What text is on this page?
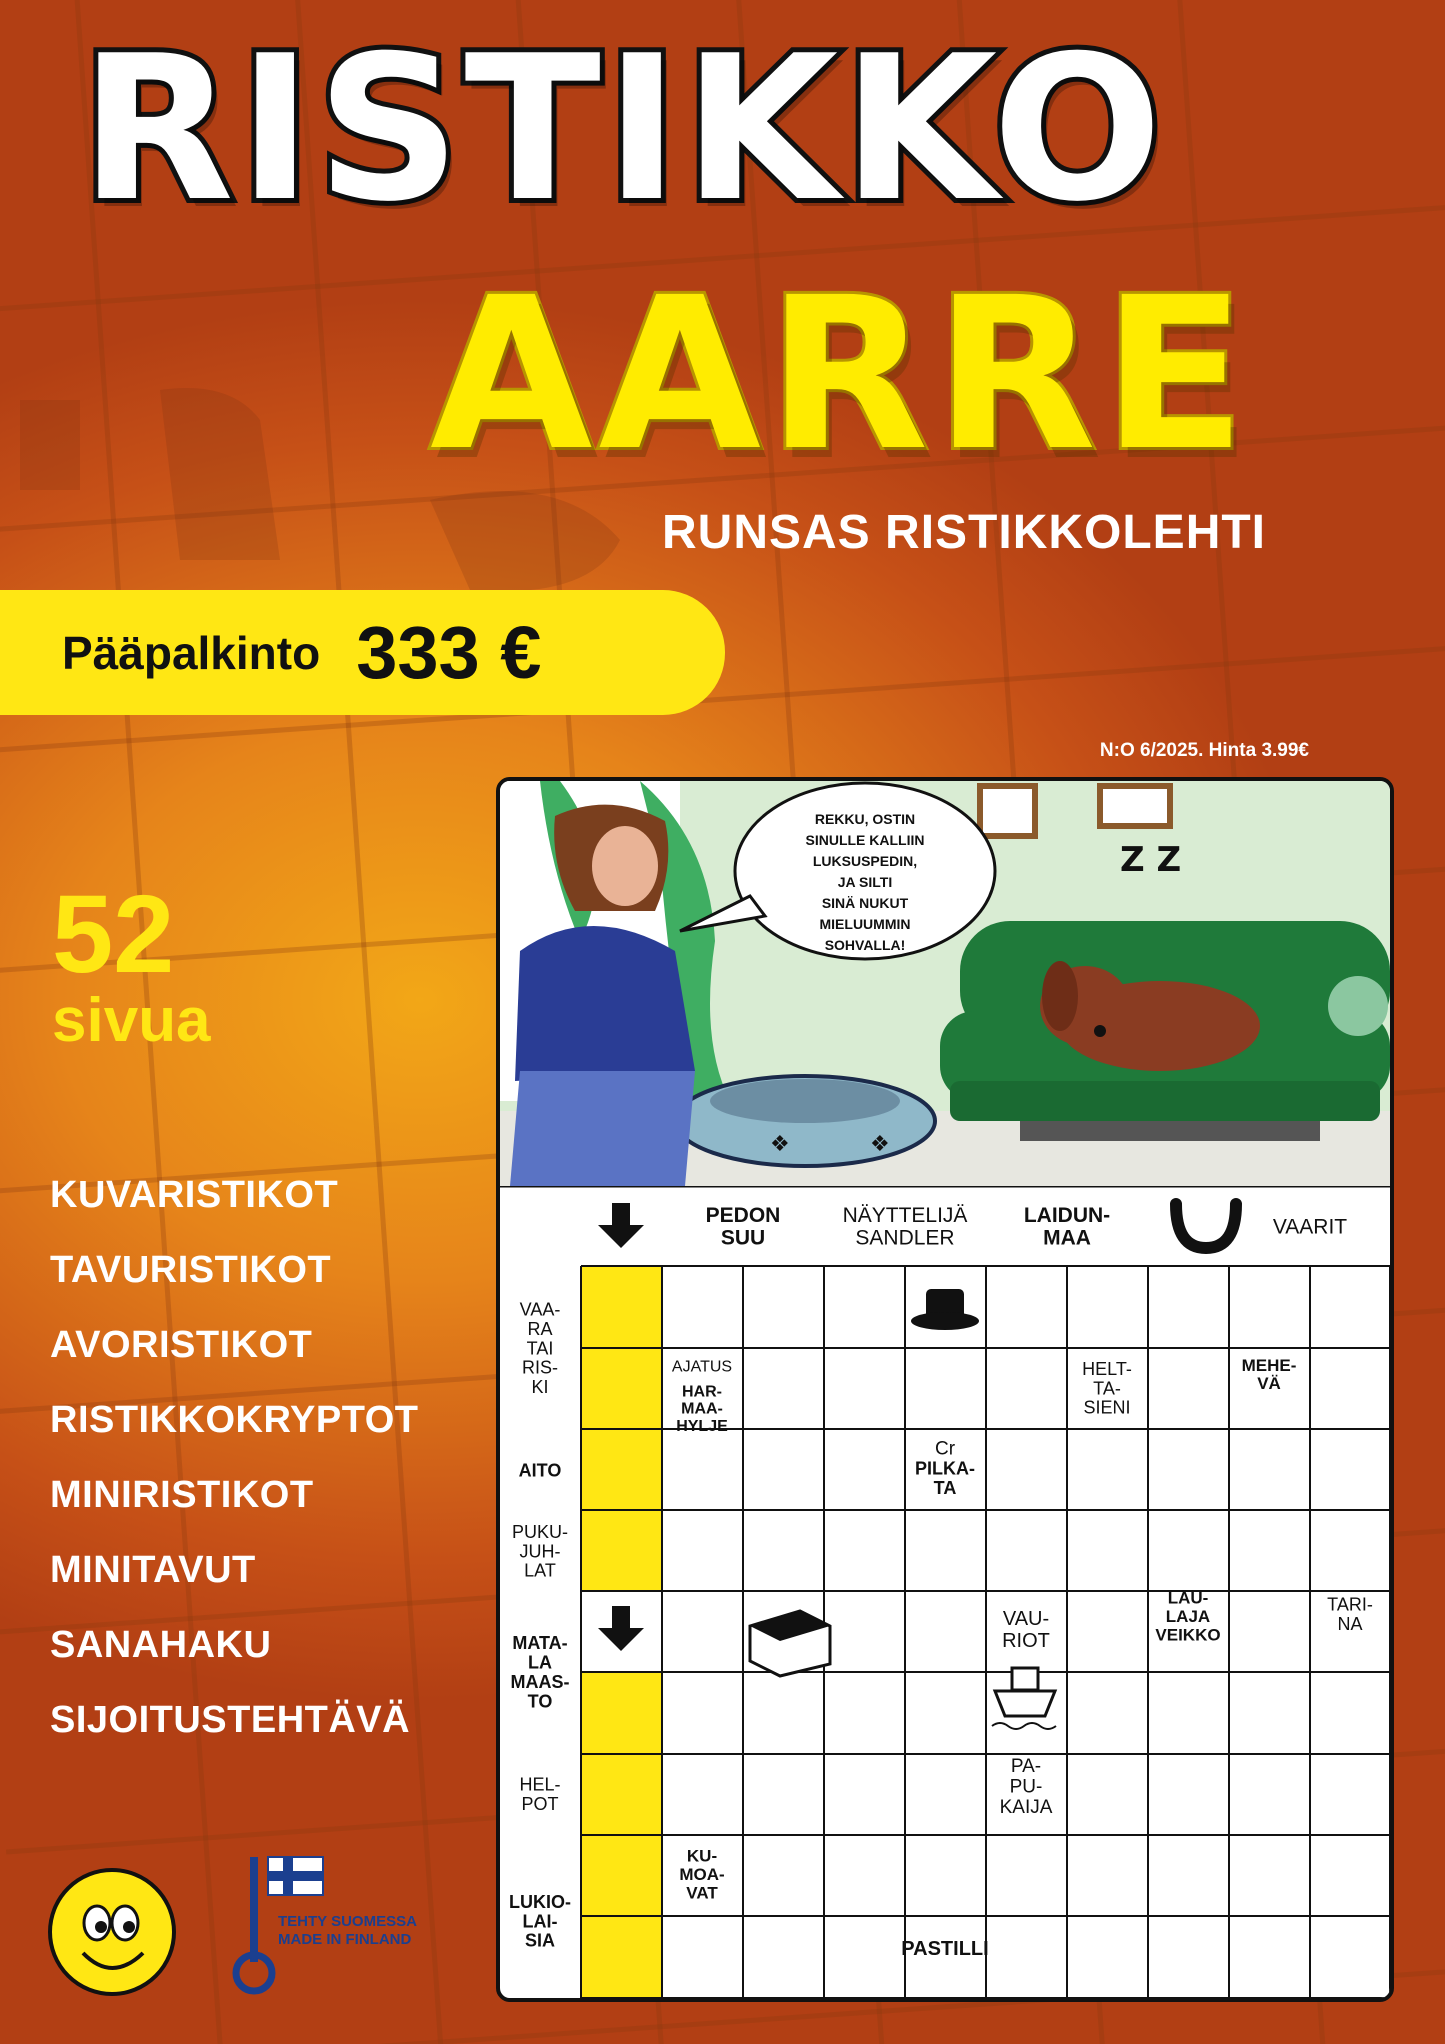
RISTIKKO
AARRE
RUNSAS RISTIKKOLEHTI
Pääpalkinto 333 €
N:O 6/2025. Hinta 3.99€
52
sivua
KUVARISTIKOT
TAVURISTIKOT
AVORISTIKOT
RISTIKKOKRYPTOT
MINIRISTIKOT
MINITAVUT
SANAHAKU
SIJOITUSTEHTÄVÄ
TEHTY SUOMESSA
MADE IN FINLAND
❖	❖
Z Z
REKKU, OSTIN
SINULLE KALLIIN
LUKSUSPEDIN,
JA SILTI
SINÄ NUKUT
MIELUUMMIN
SOHVALLA!
PEDON
SUU
NÄYTTELIJÄ
SANDLER
LAIDUN-
MAA	VAARIT
VAA-
RA
TAI
RIS-
KI
AITO
PUKU-
JUH-
LAT
MATA-
LA
MAAS-
TO
HEL-
POT
LUKIO-
LAI-
SIA
AJATUS
HAR-
MAA-
HYLJE
HELT-
TA-
SIENI
MEHE-
VÄ
Cr
PILKA-
TA
VAU-
RIOT
LAU-
LAJA
VEIKKO
TARI-
NA
PA-
PU-
KAIJA
KU-
MOA-
VAT
PASTILLI
